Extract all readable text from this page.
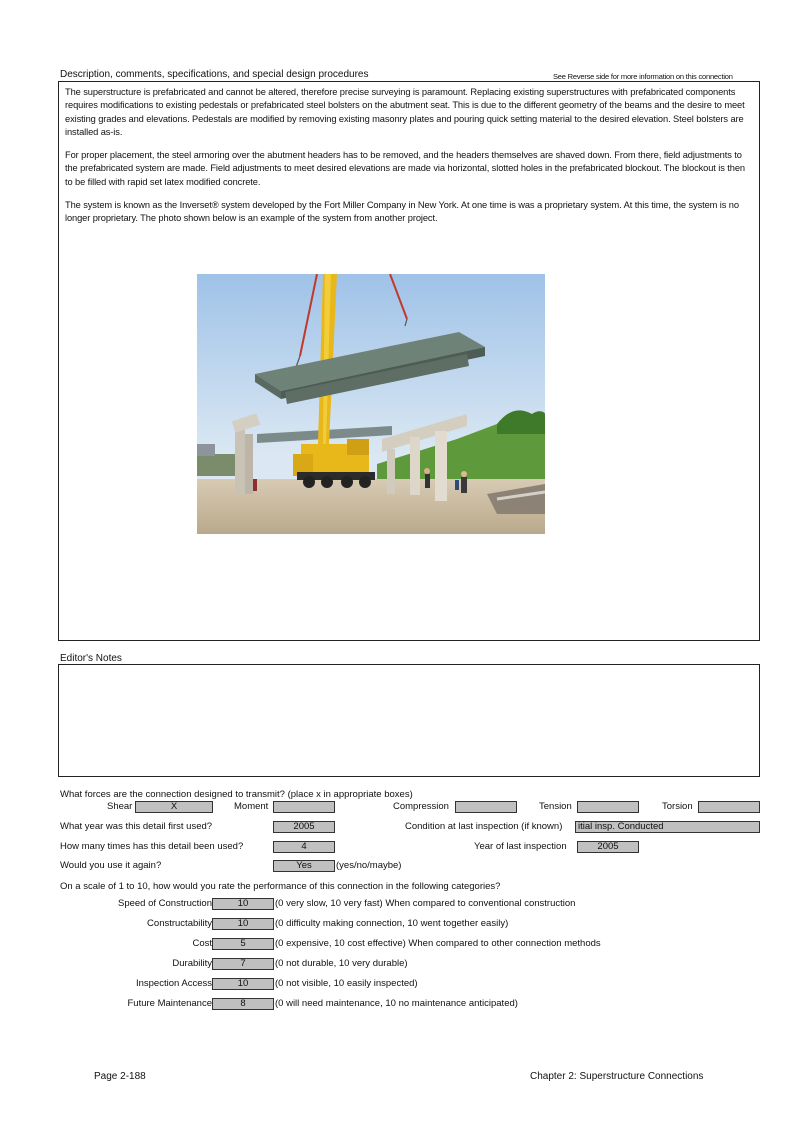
Description, comments, specifications, and special design procedures	See Reverse side for more information on this connection

The superstructure is prefabricated and cannot be altered, therefore precise surveying is paramount. Replacing existing superstructures with prefabricated components requires modifications to existing pedestals or prefabricated steel bolsters on the abutment seat. This is due to the different geometry of the beams and the desire to meet existing grades and elevations. Pedestals are modified by removing existing masonry plates and pouring quick setting material to the desired elevation. Steel bolsters are installed as-is.

For proper placement, the steel armoring over the abutment headers has to be removed, and the headers themselves are shaved down. From there, field adjustments to the prefabricated system are made. Field adjustments to meet desired elevations are made via horizontal, slotted holes in the prefabricated blockout. The blockout is then to be filled with rapid set latex modified concrete.

The system is known as the Inverset® system developed by the Fort Miller Company in New York. At one time is was a proprietary system. At this time, the system is no longer proprietary. The photo shown below is an example of the system from another project.

Editor's Notes
What forces are the connection designed to transmit? (place x in appropriate boxes)
Shear	X	Moment	Compression	Tension	Torsion
What year was this detail first used?	2005	Condition at last inspection (if known)	itial insp. Conducted
How many times has this detail been used?	4	Year of last inspection	2005
Would you use it again?	Yes	(yes/no/maybe)
On a scale of 1 to 10, how would you rate the performance of this connection in the following categories?
Speed of Construction	10	(0 very slow, 10 very fast) When compared to conventional construction
Constructability	10	(0 difficulty making connection, 10 went together easily)
Cost	5	(0 expensive, 10 cost effective) When compared to other connection methods
Durability	7	(0 not durable, 10 very durable)
Inspection Access	10	(0 not visible, 10 easily inspected)
Future Maintenance	8	(0 will need maintenance, 10 no maintenance anticipated)
Page 2-188	Chapter 2: Superstructure Connections
